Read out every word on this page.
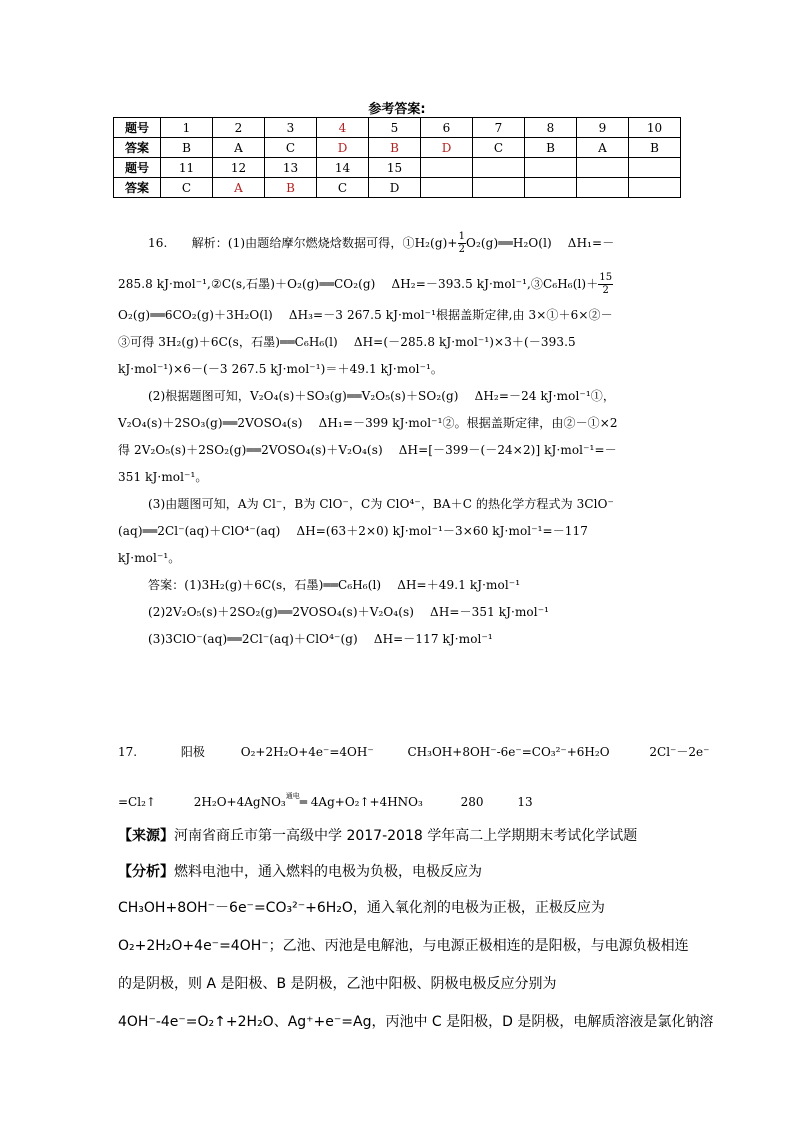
参考答案:
题号	1	2	3	4	5	6	7	8	9	10
答案	B	A	C	D	B	D	C	B	A	B
题号	11	12	13	14	15					
答案	C	A	B	C	D					
16.　　解析：(1)由题给摩尔燃烧焓数据可得，①H₂(g)+ $\frac{1}{2}$ O₂(g)══H₂O(l)　 ΔH₁=－
285.8 kJ·mol⁻¹,②C(s,石墨)＋O₂(g)══CO₂(g)　 ΔH₂=－393.5 kJ·mol⁻¹,③C₆H₆(l)＋ $\frac{15}{2}$
O₂(g)══6CO₂(g)＋3H₂O(l)　 ΔH₃=－3 267.5 kJ·mol⁻¹根据盖斯定律,由 3×①＋6×②－
③可得 3H₂(g)＋6C(s，石墨)══C₆H₆(l)　 ΔH=(－285.8 kJ·mol⁻¹)×3＋(－393.5
kJ·mol⁻¹)×6－(－3 267.5 kJ·mol⁻¹)＝＋49.1 kJ·mol⁻¹。
(2)根据题图可知，V₂O₄(s)＋SO₃(g)══V₂O₅(s)＋SO₂(g)　 ΔH₂=－24 kJ·mol⁻¹①，
V₂O₄(s)＋2SO₃(g)══2VOSO₄(s)　 ΔH₁=－399 kJ·mol⁻¹②。根据盖斯定律，由②－①×2
得 2V₂O₅(s)＋2SO₂(g)══2VOSO₄(s)＋V₂O₄(s)　 ΔH=[－399－(－24×2)] kJ·mol⁻¹=－
351 kJ·mol⁻¹。
(3)由题图可知，A为 Cl⁻，B为 ClO⁻，C为 ClO⁴⁻，BA＋C 的热化学方程式为 3ClO⁻
(aq)══2Cl⁻(aq)＋ClO⁴⁻(aq)　 ΔH=(63＋2×0) kJ·mol⁻¹－3×60 kJ·mol⁻¹=－117
kJ·mol⁻¹。
答案：(1)3H₂(g)＋6C(s，石墨)══C₆H₆(l)　 ΔH=＋49.1 kJ·mol⁻¹
(2)2V₂O₅(s)＋2SO₂(g)══2VOSO₄(s)＋V₂O₄(s)　 ΔH=－351 kJ·mol⁻¹
(3)3ClO⁻(aq)══2Cl⁻(aq)＋ClO⁴⁻(g)　 ΔH=－117 kJ·mol⁻¹
17.	阳极	O₂+2H₂O+4e⁻=4OH⁻	CH₃OH+8OH⁻-6e⁻=CO₃²⁻+6H₂O	2Cl⁻－2e⁻
=Cl₂↑	2H₂O+4AgNO₃$^{通电}$═ 4Ag+O₂↑+4HNO₃	280	13
【来源】河南省商丘市第一高级中学 2017-2018 学年高二上学期期末考试化学试题
【分析】燃料电池中，通入燃料的电极为负极，电极反应为
CH₃OH+8OH⁻－6e⁻=CO₃²⁻+6H₂O，通入氧化剂的电极为正极，正极反应为
O₂+2H₂O+4e⁻=4OH⁻；乙池、丙池是电解池，与电源正极相连的是阳极，与电源负极相连
的是阴极，则 A 是阳极、B 是阴极，乙池中阳极、阴极电极反应分别为
4OH⁻-4e⁻=O₂↑+2H₂O、Ag⁺+e⁻=Ag，丙池中 C 是阳极，D 是阴极，电解质溶液是氯化钠溶
